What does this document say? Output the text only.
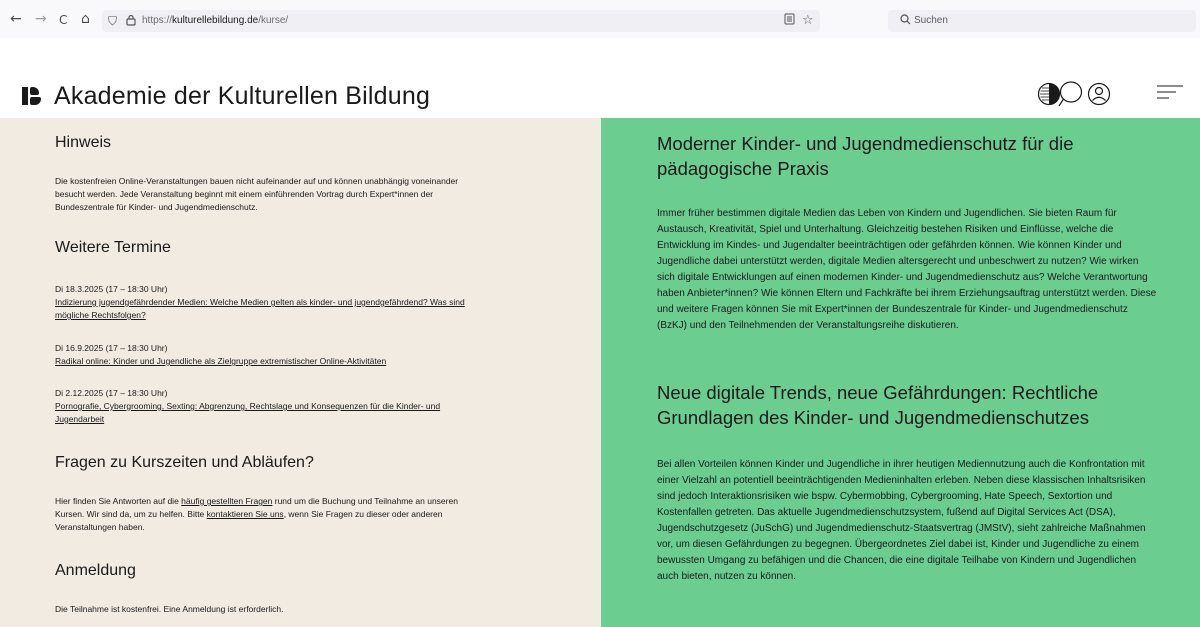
← → C ⌂ ⛉ https://kulturellebildung.de/kurse/	☆	Suchen
Akademie der Kulturellen Bildung
Hinweis

Die kostenfreien Online-Veranstaltungen bauen nicht aufeinander auf und können unabhängig voneinander besucht werden. Jede Veranstaltung beginnt mit einem einführenden Vortrag durch Expert*innen der Bundeszentrale für Kinder- und Jugendmedienschutz.

Weitere Termine

Di 18.3.2025 (17 – 18:30 Uhr)
Indizierung jugendgefährdender Medien: Welche Medien gelten als kinder- und jugendgefährdend? Was sind mögliche Rechtsfolgen?

Di 16.9.2025 (17 – 18:30 Uhr)
Radikal online: Kinder und Jugendliche als Zielgruppe extremistischer Online-Aktivitäten

Di 2.12.2025 (17 – 18:30 Uhr)
Pornografie, Cybergrooming, Sexting: Abgrenzung, Rechtslage und Konsequenzen für die Kinder- und Jugendarbeit

Fragen zu Kurszeiten und Abläufen?

Hier finden Sie Antworten auf die häufig gestellten Fragen rund um die Buchung und Teilnahme an unseren Kursen. Wir sind da, um zu helfen. Bitte kontaktieren Sie uns, wenn Sie Fragen zu dieser oder anderen Veranstaltungen haben.

Anmeldung

Die Teilnahme ist kostenfrei. Eine Anmeldung ist erforderlich.

Moderner Kinder- und Jugendmedienschutz für die pädagogische Praxis

Immer früher bestimmen digitale Medien das Leben von Kindern und Jugendlichen. Sie bieten Raum für Austausch, Kreativität, Spiel und Unterhaltung. Gleichzeitig bestehen Risiken und Einflüsse, welche die Entwicklung im Kindes- und Jugendalter beeinträchtigen oder gefährden können. Wie können Kinder und Jugendliche dabei unterstützt werden, digitale Medien altersgerecht und unbeschwert zu nutzen? Wie wirken sich digitale Entwicklungen auf einen modernen Kinder- und Jugendmedienschutz aus? Welche Verantwortung haben Anbieter*innen? Wie können Eltern und Fachkräfte bei ihrem Erziehungsauftrag unterstützt werden. Diese und weitere Fragen können Sie mit Expert*innen der Bundeszentrale für Kinder- und Jugendmedienschutz (BzKJ) und den Teilnehmenden der Veranstaltungsreihe diskutieren.

Neue digitale Trends, neue Gefährdungen: Rechtliche Grundlagen des Kinder- und Jugendmedienschutzes

Bei allen Vorteilen können Kinder und Jugendliche in ihrer heutigen Mediennutzung auch die Konfrontation mit einer Vielzahl an potentiell beeinträchtigenden Medieninhalten erleben. Neben diese klassischen Inhaltsrisiken sind jedoch Interaktionsrisiken wie bspw. Cybermobbing, Cybergrooming, Hate Speech, Sextortion und Kostenfallen getreten. Das aktuelle Jugendmedienschutzsystem, fußend auf Digital Services Act (DSA), Jugendschutzgesetz (JuSchG) und Jugendmedienschutz-Staatsvertrag (JMStV), sieht zahlreiche Maßnahmen vor, um diesen Gefährdungen zu begegnen. Übergeordnetes Ziel dabei ist, Kinder und Jugendliche zu einem bewussten Umgang zu befähigen und die Chancen, die eine digitale Teilhabe von Kindern und Jugendlichen auch bieten, nutzen zu können.
